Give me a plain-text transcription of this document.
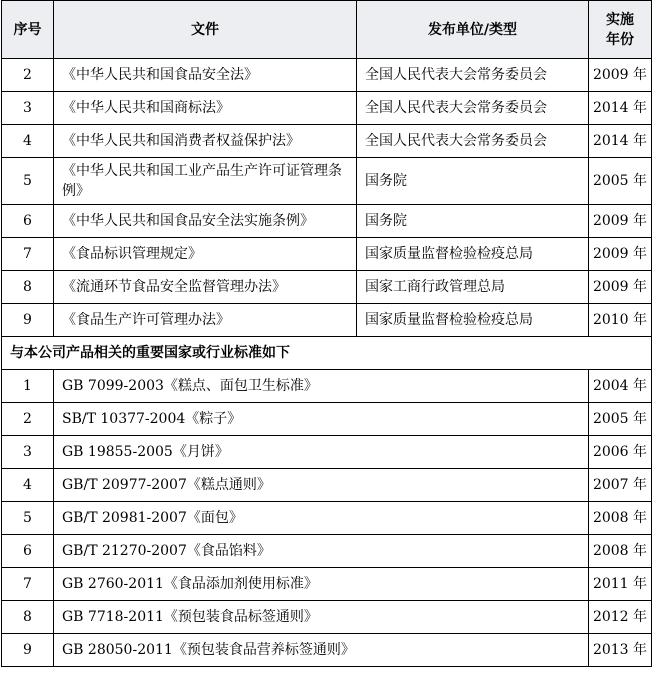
序号	文件	发布单位/类型	实施
年份
2	《中华人民共和国食品安全法》	全国人民代表大会常务委员会	2009 年
3	《中华人民共和国商标法》	全国人民代表大会常务委员会	2014 年
4	《中华人民共和国消费者权益保护法》	全国人民代表大会常务委员会	2014 年
5	《中华人民共和国工业产品生产许可证管理条例》	国务院	2005 年
6	《中华人民共和国食品安全法实施条例》	国务院	2009 年
7	《食品标识管理规定》	国家质量监督检验检疫总局	2009 年
8	《流通环节食品安全监督管理办法》	国家工商行政管理总局	2009 年
9	《食品生产许可管理办法》	国家质量监督检验检疫总局	2010 年
与本公司产品相关的重要国家或行业标准如下			
1	GB 7099-2003《糕点、面包卫生标准》		2004 年
2	SB/T 10377-2004《粽子》		2005 年
3	GB 19855-2005《月饼》		2006 年
4	GB/T 20977-2007《糕点通则》		2007 年
5	GB/T 20981-2007《面包》		2008 年
6	GB/T 21270-2007《食品馅料》		2008 年
7	GB 2760-2011《食品添加剂使用标准》		2011 年
8	GB 7718-2011《预包装食品标签通则》		2012 年
9	GB 28050-2011《预包装食品营养标签通则》		2013 年
